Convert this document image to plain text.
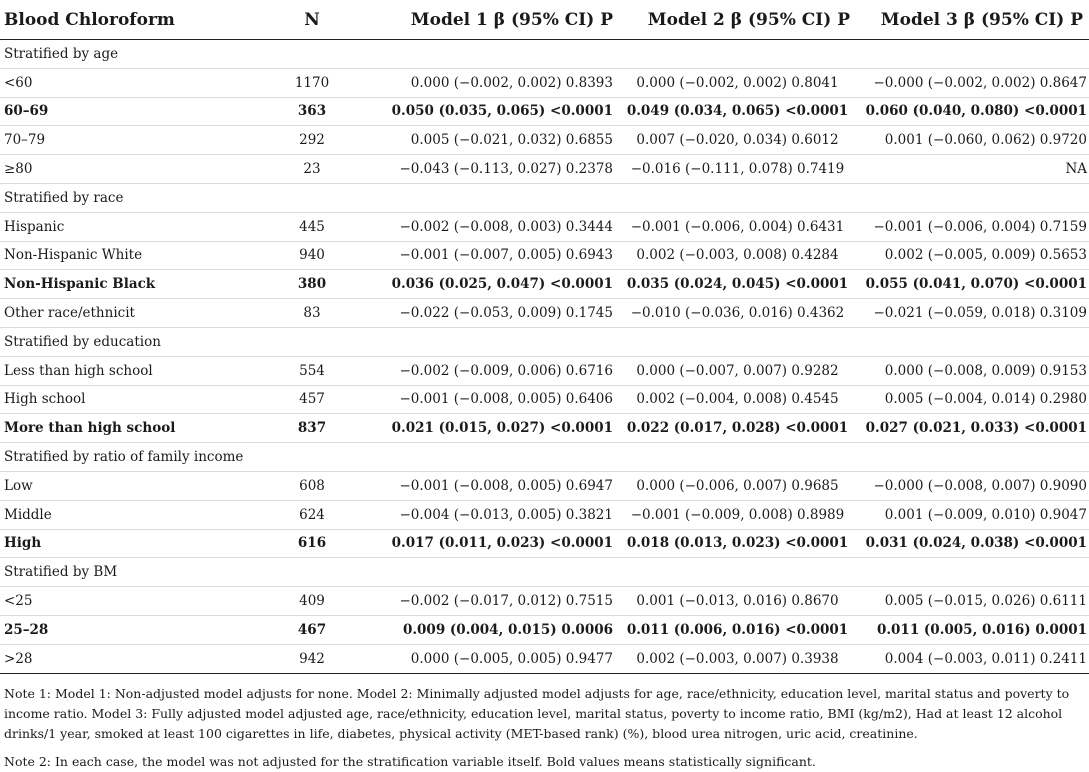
Blood Chloroform	N	Model 1 β (95% CI) P	Model 2 β (95% CI) P	Model 3 β (95% CI) P
Stratified by age				
<60	1170	0.000 (−0.002, 0.002) 0.8393	0.000 (−0.002, 0.002) 0.8041	−0.000 (−0.002, 0.002) 0.8647
60–69	363	0.050 (0.035, 0.065) <0.0001	0.049 (0.034, 0.065) <0.0001	0.060 (0.040, 0.080) <0.0001
70–79	292	0.005 (−0.021, 0.032) 0.6855	0.007 (−0.020, 0.034) 0.6012	0.001 (−0.060, 0.062) 0.9720
≥80	23	−0.043 (−0.113, 0.027) 0.2378	−0.016 (−0.111, 0.078) 0.7419	NA
Stratified by race				
Hispanic	445	−0.002 (−0.008, 0.003) 0.3444	−0.001 (−0.006, 0.004) 0.6431	−0.001 (−0.006, 0.004) 0.7159
Non-Hispanic White	940	−0.001 (−0.007, 0.005) 0.6943	0.002 (−0.003, 0.008) 0.4284	0.002 (−0.005, 0.009) 0.5653
Non-Hispanic Black	380	0.036 (0.025, 0.047) <0.0001	0.035 (0.024, 0.045) <0.0001	0.055 (0.041, 0.070) <0.0001
Other race/ethnicit	83	−0.022 (−0.053, 0.009) 0.1745	−0.010 (−0.036, 0.016) 0.4362	−0.021 (−0.059, 0.018) 0.3109
Stratified by education				
Less than high school	554	−0.002 (−0.009, 0.006) 0.6716	0.000 (−0.007, 0.007) 0.9282	0.000 (−0.008, 0.009) 0.9153
High school	457	−0.001 (−0.008, 0.005) 0.6406	0.002 (−0.004, 0.008) 0.4545	0.005 (−0.004, 0.014) 0.2980
More than high school	837	0.021 (0.015, 0.027) <0.0001	0.022 (0.017, 0.028) <0.0001	0.027 (0.021, 0.033) <0.0001
Stratified by ratio of family income				
Low	608	−0.001 (−0.008, 0.005) 0.6947	0.000 (−0.006, 0.007) 0.9685	−0.000 (−0.008, 0.007) 0.9090
Middle	624	−0.004 (−0.013, 0.005) 0.3821	−0.001 (−0.009, 0.008) 0.8989	0.001 (−0.009, 0.010) 0.9047
High	616	0.017 (0.011, 0.023) <0.0001	0.018 (0.013, 0.023) <0.0001	0.031 (0.024, 0.038) <0.0001
Stratified by BM				
<25	409	−0.002 (−0.017, 0.012) 0.7515	0.001 (−0.013, 0.016) 0.8670	0.005 (−0.015, 0.026) 0.6111
25–28	467	0.009 (0.004, 0.015) 0.0006	0.011 (0.006, 0.016) <0.0001	0.011 (0.005, 0.016) 0.0001
>28	942	0.000 (−0.005, 0.005) 0.9477	0.002 (−0.003, 0.007) 0.3938	0.004 (−0.003, 0.011) 0.2411

Note 1: Model 1: Non-adjusted model adjusts for none. Model 2: Minimally adjusted model adjusts for age, race/ethnicity, education level, marital status and poverty to income ratio. Model 3: Fully adjusted model adjusted age, race/ethnicity, education level, marital status, poverty to income ratio, BMI (kg/m2), Had at least 12 alcohol drinks/1 year, smoked at least 100 cigarettes in life, diabetes, physical activity (MET-based rank) (%), blood urea nitrogen, uric acid, creatinine.

Note 2: In each case, the model was not adjusted for the stratification variable itself. Bold values means statistically significant.
